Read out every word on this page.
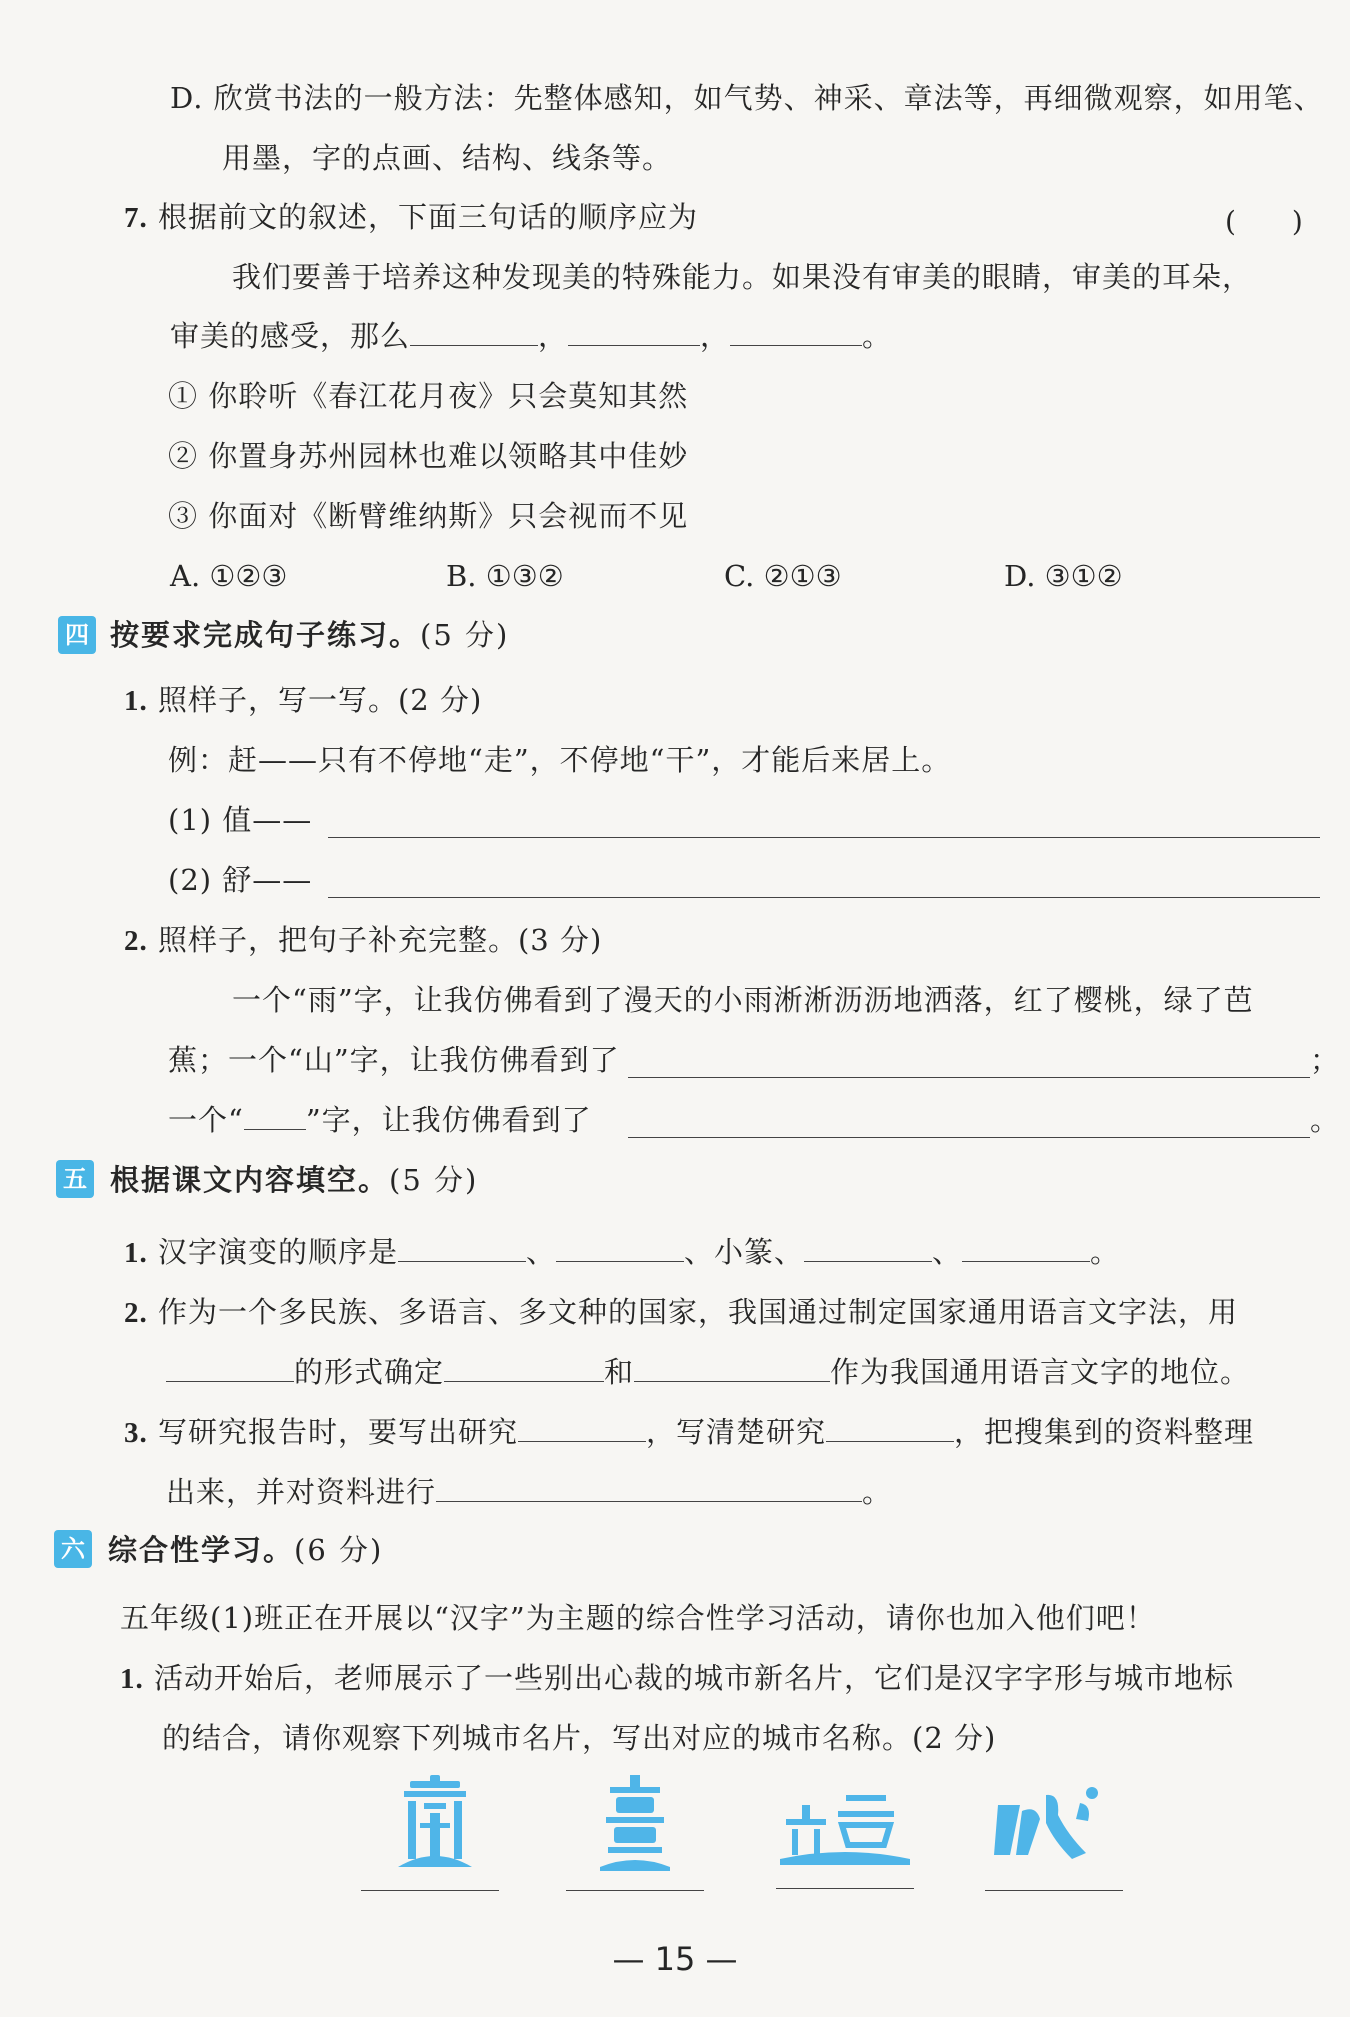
D. 欣赏书法的一般方法：先整体感知，如气势、神采、章法等，再细微观察，如用笔、
用墨，字的点画、结构、线条等。
7. 根据前文的叙述，下面三句话的顺序应为	(　　)
我们要善于培养这种发现美的特殊能力。如果没有审美的眼睛，审美的耳朵，
审美的感受，那么	，	，	。
① 你聆听《春江花月夜》只会莫知其然
② 你置身苏州园林也难以领略其中佳妙
③ 你面对《断臂维纳斯》只会视而不见
A. ①②③	B. ①③②	C. ②①③	D. ③①②
四 按要求完成句子练习。(5 分)
1. 照样子，写一写。(2 分)
例：赶——只有不停地“走”，不停地“干”，才能后来居上。
(1) 值——
(2) 舒——
2. 照样子，把句子补充完整。(3 分)
一个“雨”字，让我仿佛看到了漫天的小雨淅淅沥沥地洒落，红了樱桃，绿了芭
蕉；一个“山”字，让我仿佛看到了	；
一个“ ”字，让我仿佛看到了	。
五 根据课文内容填空。(5 分)
1. 汉字演变的顺序是	、	、小篆、	、	。
2. 作为一个多民族、多语言、多文种的国家，我国通过制定国家通用语言文字法，用
的形式确定	和	作为我国通用语言文字的地位。
3. 写研究报告时，要写出研究	，写清楚研究	，把搜集到的资料整理
出来，并对资料进行	。
六 综合性学习。(6 分)
五年级(1)班正在开展以“汉字”为主题的综合性学习活动，请你也加入他们吧！
1. 活动开始后，老师展示了一些别出心裁的城市新名片，它们是汉字字形与城市地标
的结合，请你观察下列城市名片，写出对应的城市名称。(2 分)
— 15 —
